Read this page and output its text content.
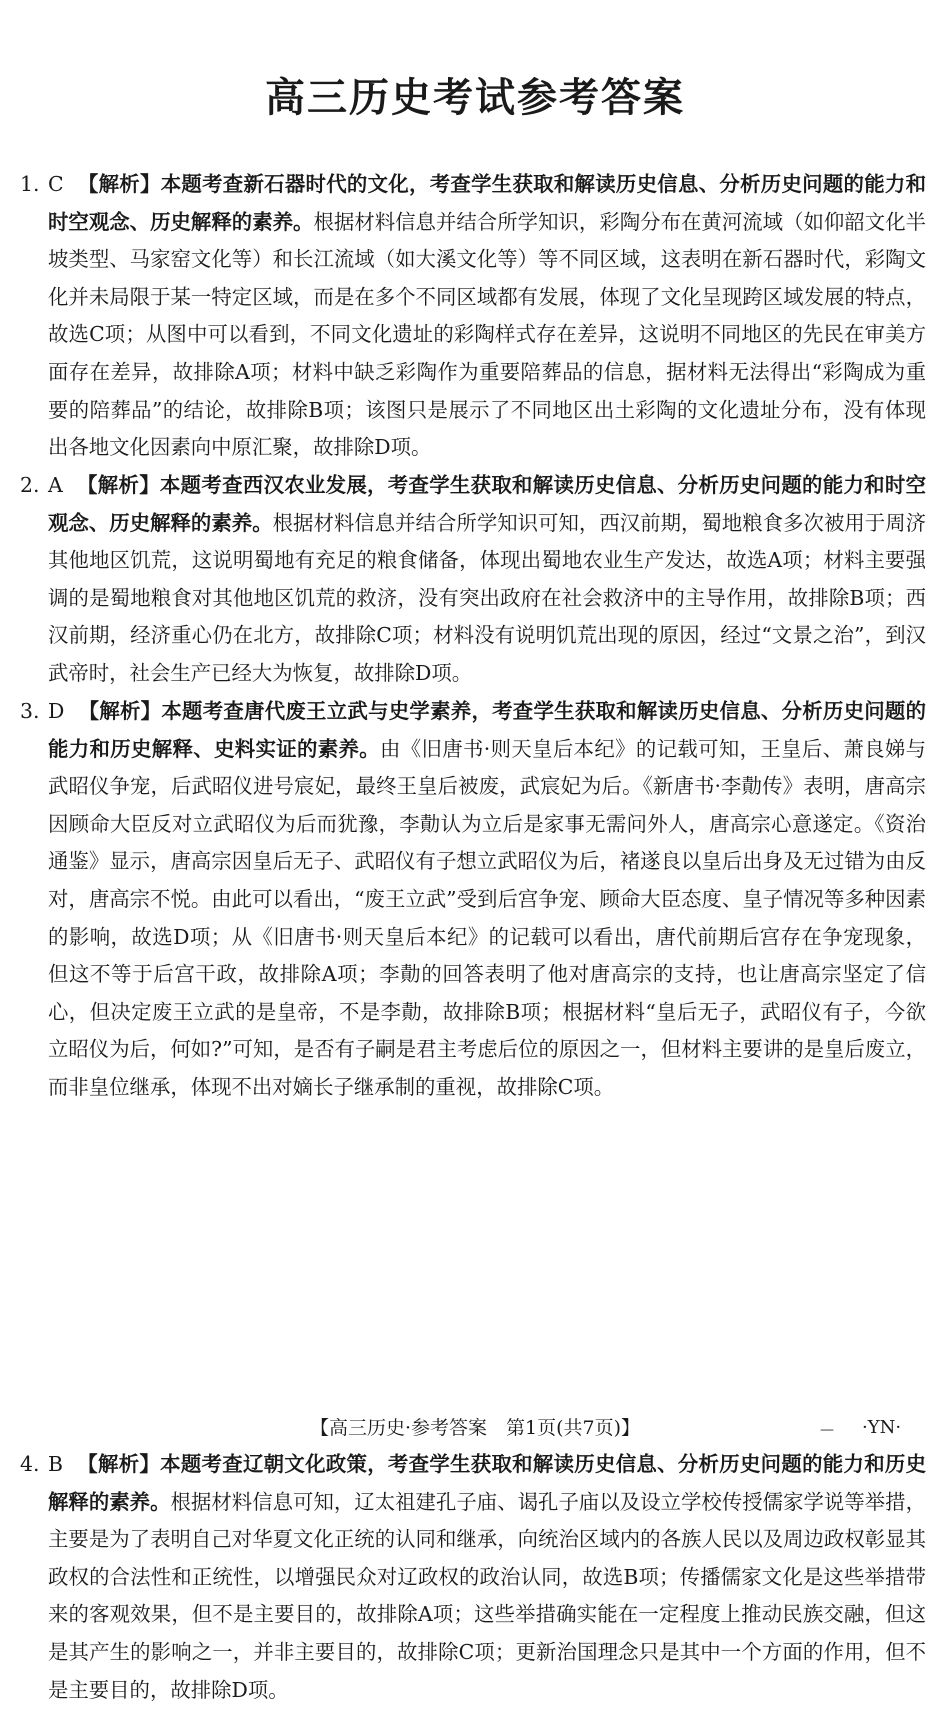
高三历史考试参考答案
1. C 【解析】本题考查新石器时代的文化，考查学生获取和解读历史信息、分析历史问题的能力和时空观念、历史解释的素养。根据材料信息并结合所学知识，彩陶分布在黄河流域（如仰韶文化半坡类型、马家窑文化等）和长江流域（如大溪文化等）等不同区域，这表明在新石器时代，彩陶文化并未局限于某一特定区域，而是在多个不同区域都有发展，体现了文化呈现跨区域发展的特点，故选C项；从图中可以看到，不同文化遗址的彩陶样式存在差异，这说明不同地区的先民在审美方面存在差异，故排除A项；材料中缺乏彩陶作为重要陪葬品的信息，据材料无法得出“彩陶成为重要的陪葬品”的结论，故排除B项；该图只是展示了不同地区出土彩陶的文化遗址分布，没有体现出各地文化因素向中原汇聚，故排除D项。
2. A 【解析】本题考查西汉农业发展，考查学生获取和解读历史信息、分析历史问题的能力和时空观念、历史解释的素养。根据材料信息并结合所学知识可知，西汉前期，蜀地粮食多次被用于周济其他地区饥荒，这说明蜀地有充足的粮食储备，体现出蜀地农业生产发达，故选A项；材料主要强调的是蜀地粮食对其他地区饥荒的救济，没有突出政府在社会救济中的主导作用，故排除B项；西汉前期，经济重心仍在北方，故排除C项；材料没有说明饥荒出现的原因，经过“文景之治”，到汉武帝时，社会生产已经大为恢复，故排除D项。
3. D 【解析】本题考查唐代废王立武与史学素养，考查学生获取和解读历史信息、分析历史问题的能力和历史解释、史料实证的素养。由《旧唐书·则天皇后本纪》的记载可知，王皇后、萧良娣与武昭仪争宠，后武昭仪进号宸妃，最终王皇后被废，武宸妃为后。《新唐书·李勣传》表明，唐高宗因顾命大臣反对立武昭仪为后而犹豫，李勣认为立后是家事无需问外人，唐高宗心意遂定。《资治通鉴》显示，唐高宗因皇后无子、武昭仪有子想立武昭仪为后，褚遂良以皇后出身及无过错为由反对，唐高宗不悦。由此可以看出，“废王立武”受到后宫争宠、顾命大臣态度、皇子情况等多种因素的影响，故选D项；从《旧唐书·则天皇后本纪》的记载可以看出，唐代前期后宫存在争宠现象，但这不等于后宫干政，故排除A项；李勣的回答表明了他对唐高宗的支持，也让唐高宗坚定了信心，但决定废王立武的是皇帝，不是李勣，故排除B项；根据材料“皇后无子，武昭仪有子，今欲立昭仪为后，何如?”可知，是否有子嗣是君主考虑后位的原因之一，但材料主要讲的是皇后废立，而非皇位继承，体现不出对嫡长子继承制的重视，故排除C项。
4. B 【解析】本题考查辽朝文化政策，考查学生获取和解读历史信息、分析历史问题的能力和历史解释的素养。根据材料信息可知，辽太祖建孔子庙、谒孔子庙以及设立学校传授儒家学说等举措，主要是为了表明自己对华夏文化正统的认同和继承，向统治区域内的各族人民以及周边政权彰显其政权的合法性和正统性，以增强民众对辽政权的政治认同，故选B项；传播儒家文化是这些举措带来的客观效果，但不是主要目的，故排除A项；这些举措确实能在一定程度上推动民族交融，但这是其产生的影响之一，并非主要目的，故排除C项；更新治国理念只是其中一个方面的作用，但不是主要目的，故排除D项。
【高三历史·参考答案　第1页(共7页)】	— ·YN·
